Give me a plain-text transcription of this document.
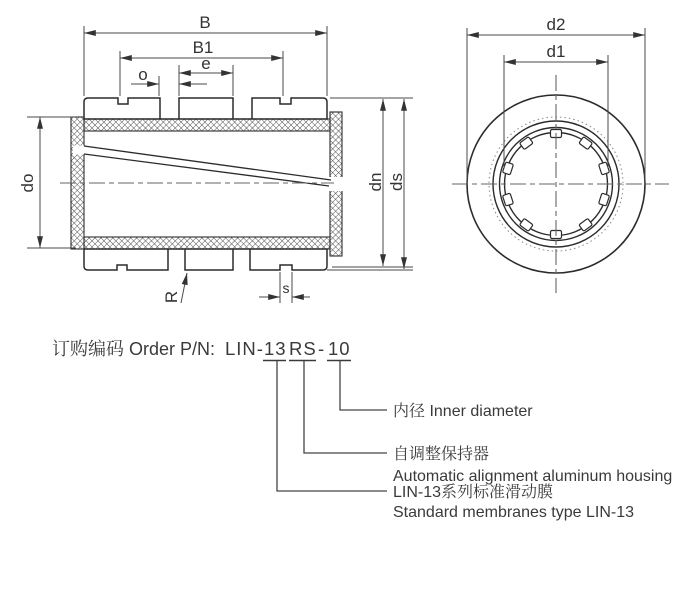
B
B1
e
o
do	dn ds
R
s
d2
d1
订购编码 Order P/N: LIN- 13 RS - 10
内径 Inner diameter
自调整保持器
Automatic alignment aluminum housing
LIN-13系列标准滑动膜
Standard membranes type LIN-13
